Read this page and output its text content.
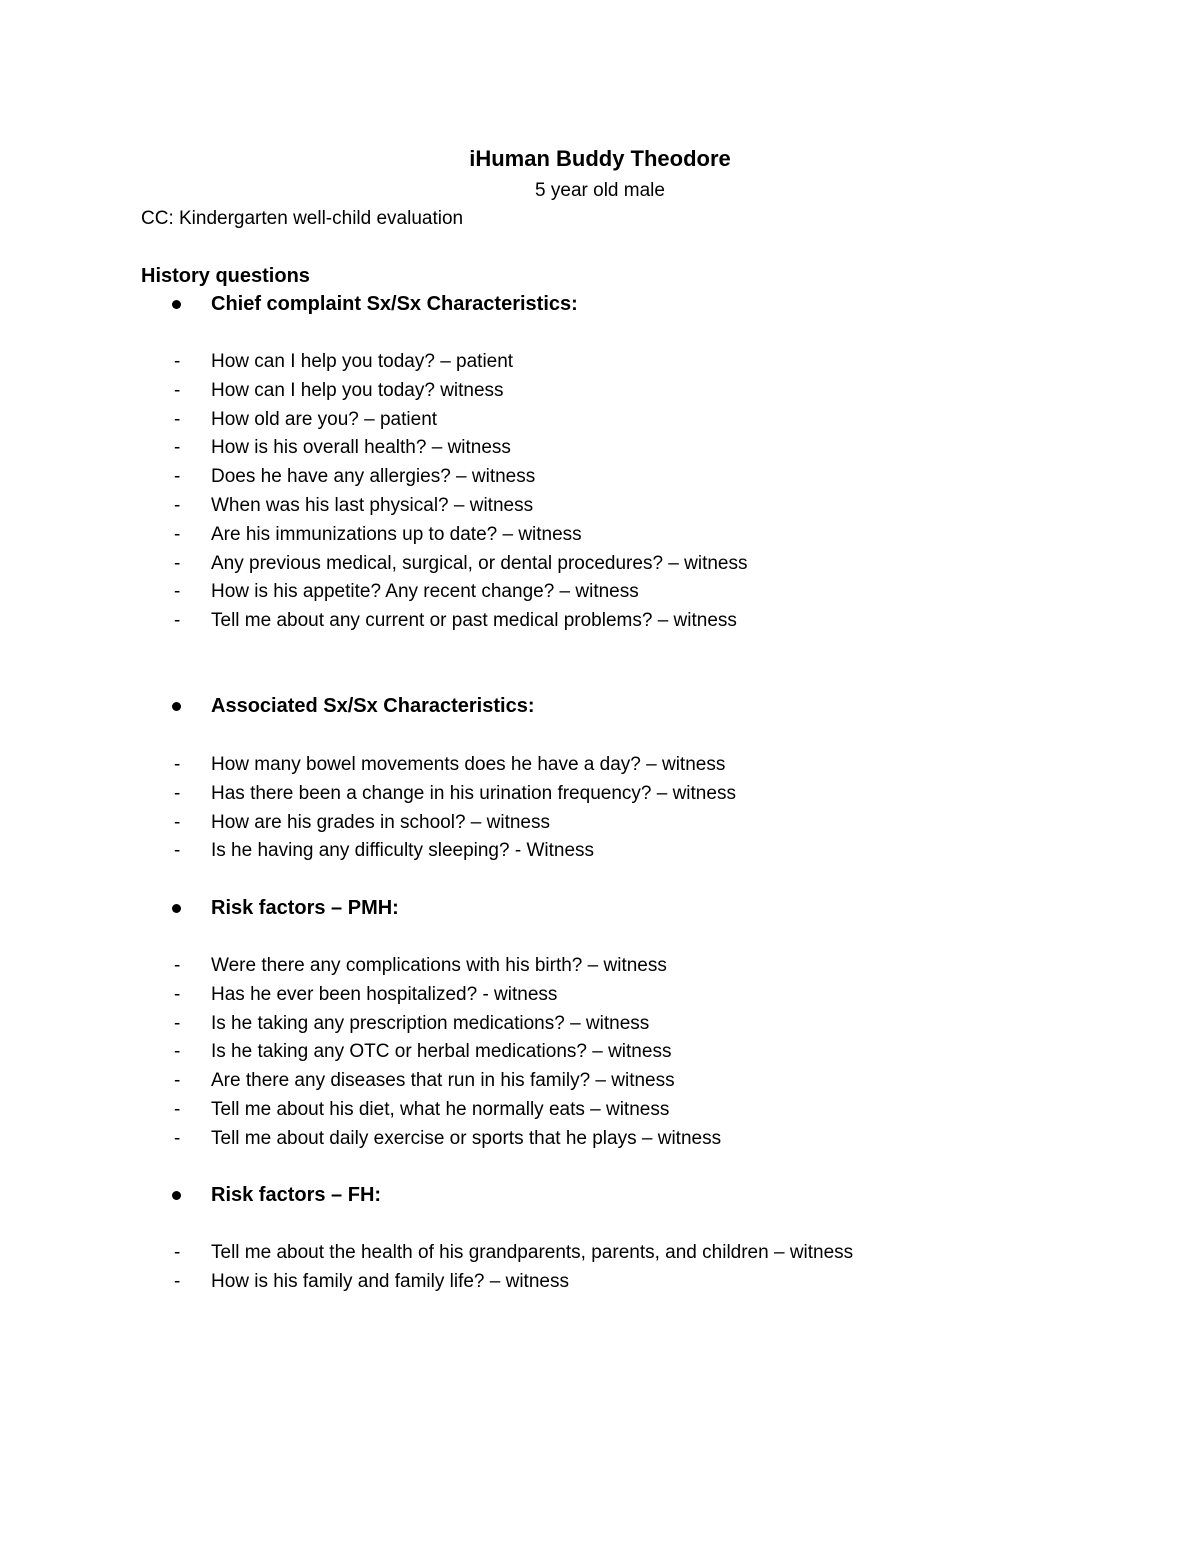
iHuman Buddy Theodore
5 year old male
CC: Kindergarten well-child evaluation
History questions
Chief complaint Sx/Sx Characteristics:
-	How can I help you today? – patient
-	How can I help you today? witness
-	How old are you? – patient
-	How is his overall health? – witness
-	Does he have any allergies? – witness
-	When was his last physical? – witness
-	Are his immunizations up to date? – witness
-	Any previous medical, surgical, or dental procedures? – witness
-	How is his appetite? Any recent change? – witness
-	Tell me about any current or past medical problems? – witness
Associated Sx/Sx Characteristics:
-	How many bowel movements does he have a day? – witness
-	Has there been a change in his urination frequency? – witness
-	How are his grades in school? – witness
-	Is he having any difficulty sleeping? - Witness
Risk factors – PMH:
-	Were there any complications with his birth? – witness
-	Has he ever been hospitalized? - witness
-	Is he taking any prescription medications? – witness
-	Is he taking any OTC or herbal medications? – witness
-	Are there any diseases that run in his family? – witness
-	Tell me about his diet, what he normally eats – witness
-	Tell me about daily exercise or sports that he plays – witness
Risk factors – FH:
-	Tell me about the health of his grandparents, parents, and children – witness
-	How is his family and family life? – witness
